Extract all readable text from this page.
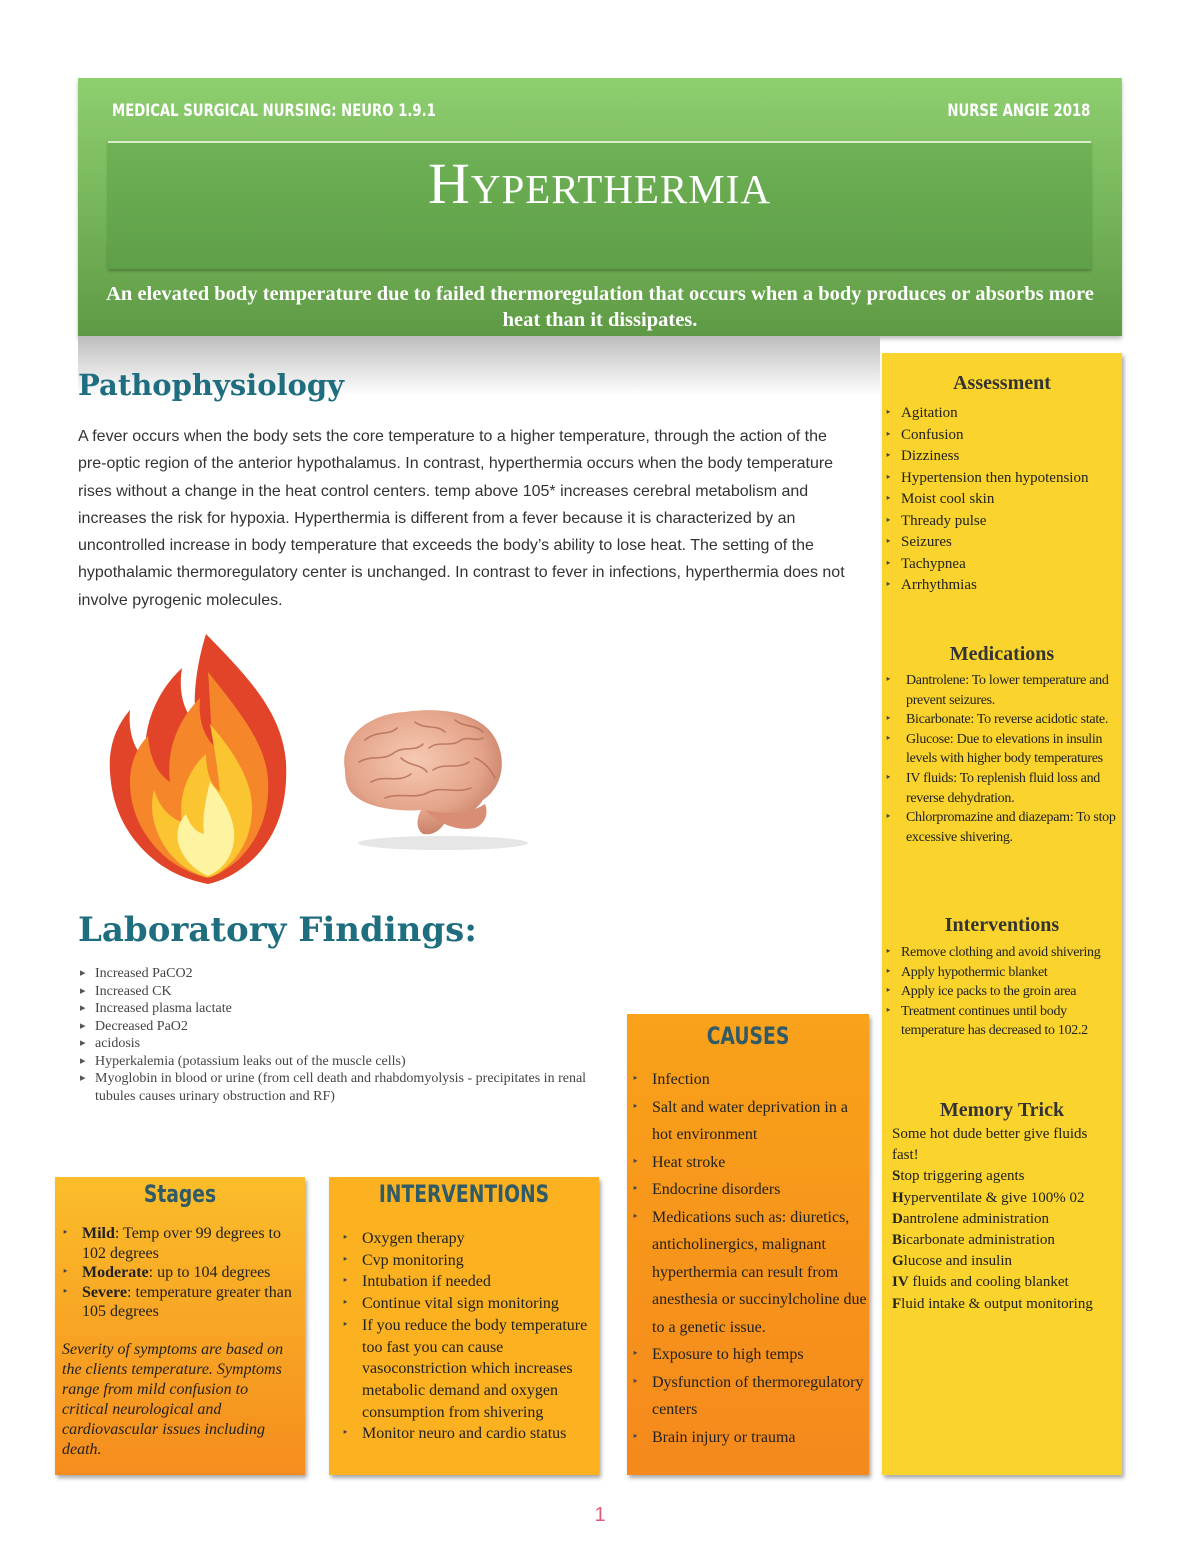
MEDICAL SURGICAL NURSING: NEURO 1.9.1	NURSE ANGIE 2018
Hyperthermia
An elevated body temperature due to failed thermoregulation that occurs when a body produces or absorbs more heat than it dissipates.
Pathophysiology
A fever occurs when the body sets the core temperature to a higher temperature, through the action of the pre-optic region of the anterior hypothalamus. In contrast, hyperthermia occurs when the body temperature rises without a change in the heat control centers. temp above 105* increases cerebral metabolism and increases the risk for hypoxia. Hyperthermia is different from a fever because it is characterized by an uncontrolled increase in body temperature that exceeds the body’s ability to lose heat. The setting of the hypothalamic thermoregulatory center is unchanged. In contrast to fever in infections, hyperthermia does not involve pyrogenic molecules.
Laboratory Findings:
▸ Increased PaCO2
▸ Increased CK
▸ Increased plasma lactate
▸ Decreased PaO2
▸ acidosis
▸ Hyperkalemia (potassium leaks out of the muscle cells)
▸ Myoglobin in blood or urine (from cell death and rhabdomyolysis - precipitates in renal tubules causes urinary obstruction and RF)
Stages
‣ Mild: Temp over 99 degrees to 102 degrees
‣ Moderate: up to 104 degrees
‣ Severe: temperature greater than 105 degrees
Severity of symptoms are based on the clients temperature. Symptoms range from mild confusion to critical neurological and cardiovascular issues including death.
INTERVENTIONS
‣ Oxygen therapy
‣ Cvp monitoring
‣ Intubation if needed
‣ Continue vital sign monitoring
‣ If you reduce the body temperature too fast you can cause vasoconstriction which increases metabolic demand and oxygen consumption from shivering
‣ Monitor neuro and cardio status
CAUSES
‣ Infection
‣ Salt and water deprivation in a hot environment
‣ Heat stroke
‣ Endocrine disorders
‣ Medications such as: diuretics, anticholinergics, malignant hyperthermia can result from anesthesia or succinylcholine due to a genetic issue.
‣ Exposure to high temps
‣ Dysfunction of thermoregulatory centers
‣ Brain injury or trauma
Assessment
‣ Agitation
‣ Confusion
‣ Dizziness
‣ Hypertension then hypotension
‣ Moist cool skin
‣ Thready pulse
‣ Seizures
‣ Tachypnea
‣ Arrhythmias
Medications
‣ Dantrolene: To lower temperature and prevent seizures.
‣ Bicarbonate: To reverse acidotic state.
‣ Glucose: Due to elevations in insulin levels with higher body temperatures
‣ IV fluids: To replenish fluid loss and reverse dehydration.
‣ Chlorpromazine and diazepam: To stop excessive shivering.
Interventions
‣ Remove clothing and avoid shivering
‣ Apply hypothermic blanket
‣ Apply ice packs to the groin area
‣ Treatment continues until body temperature has decreased to 102.2
Memory Trick
Some hot dude better give fluids fast!
Stop triggering agents
Hyperventilate & give 100% 02
Dantrolene administration
Bicarbonate administration
Glucose and insulin
IV fluids and cooling blanket
Fluid intake & output monitoring
1
